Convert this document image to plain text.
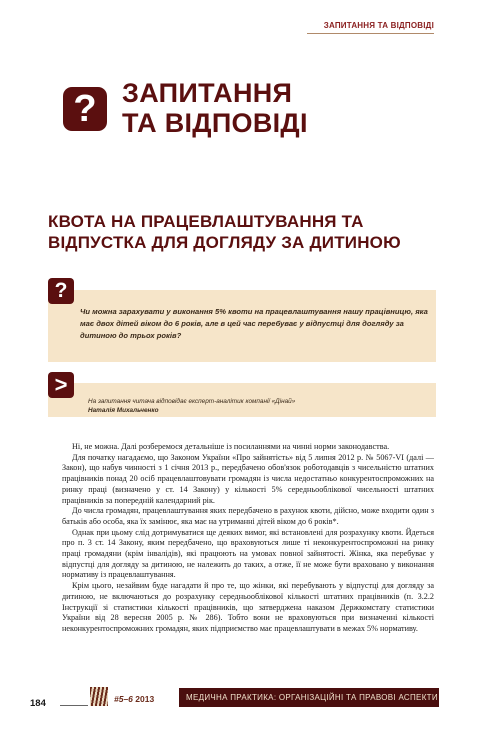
ЗАПИТАННЯ ТА ВІДПОВІДІ
? ЗАПИТАННЯ
ТА ВІДПОВІДІ
КВОТА НА ПРАЦЕВЛАШТУВАННЯ ТА
ВІДПУСТКА ДЛЯ ДОГЛЯДУ ЗА ДИТИНОЮ
?
Чи можна зарахувати у виконання 5% квоти на працевлаштування нашу працівницю, яка має двох дітей віком до 6 років, але в цей час перебуває у відпустці для догляду за дитиною до трьох років?
>
На запитання читача відповідає експерт-аналітик компанії «Дінай»
Наталія Михальченко

Ні, не можна. Далі розберемося детальніше із посиланнями на чинні норми законодавства.

Для початку нагадаємо, що Законом України «Про зайнятість» від 5 липня 2012 р. № 5067-VI (далі — Закон), що набув чинності з 1 січня 2013 р., передбачено обов'язок роботодавців з чисельністю штатних працівників понад 20 осіб працевлаштовувати громадян із числа недостатньо конкурентоспроможних на ринку праці (визначено у ст. 14 Закону) у кількості 5% середньооблікової чисельності штатних працівників за попередній календарний рік.

До числа громадян, працевлаштування яких передбачено в рахунок квоти, дійсно, може входити один з батьків або особа, яка їх замінює, яка має на утриманні дітей віком до 6 років*.

Однак при цьому слід дотримуватися ще деяких вимог, які встановлені для розрахунку квоти. Йдеться про п. 3 ст. 14 Закону, яким передбачено, що враховуються лише ті неконкурентоспроможні на ринку праці громадяни (крім інвалідів), які працюють на умовах повної зайнятості. Жінка, яка перебуває у відпустці для догляду за дитиною, не належить до таких, а отже, її не може бути враховано у виконання нормативу із працевлаштування.

Крім цього, незайвим буде нагадати й про те, що жінки, які перебувають у відпустці для догляду за дитиною, не включаються до розрахунку середньооблікової кількості штатних працівників (п. 3.2.2 Інструкції зі статистики кількості працівників, що затверджена наказом Держкомстату статистики України від 28 вересня 2005 р. № 286). Тобто вони не враховуються при визначенні кількості неконкурентоспроможних громадян, яких підприємство має працевлаштувати в межах 5% нормативу.

184	#5–6 2013	МЕДИЧНА ПРАКТИКА: ОРГАНІЗАЦІЙНІ ТА ПРАВОВІ АСПЕКТИ
